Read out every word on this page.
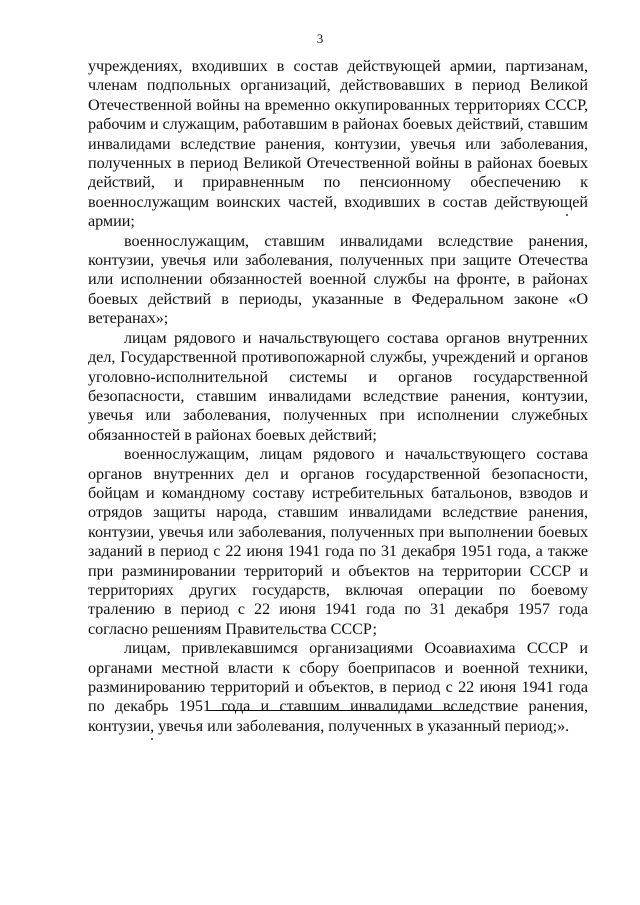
3

учреждениях, входивших в состав действующей армии, партизанам, членам подпольных организаций, действовавших в период Великой Отечественной войны на временно оккупированных территориях СССР, рабочим и служащим, работавшим в районах боевых действий, ставшим инвалидами вследствие ранения, контузии, увечья или заболевания, полученных в период Великой Отечественной войны в районах боевых действий, и приравненным по пенсионному обеспечению к военнослужащим воинских частей, входивших в состав действующей армии;

военнослужащим, ставшим инвалидами вследствие ранения, контузии, увечья или заболевания, полученных при защите Отечества или исполнении обязанностей военной службы на фронте, в районах боевых действий в периоды, указанные в Федеральном законе «О ветеранах»;

лицам рядового и начальствующего состава органов внутренних дел, Государственной противопожарной службы, учреждений и органов уголовно-исполнительной системы и органов государственной безопасности, ставшим инвалидами вследствие ранения, контузии, увечья или заболевания, полученных при исполнении служебных обязанностей в районах боевых действий;

военнослужащим, лицам рядового и начальствующего состава органов внутренних дел и органов государственной безопасности, бойцам и командному составу истребительных батальонов, взводов и отрядов защиты народа, ставшим инвалидами вследствие ранения, контузии, увечья или заболевания, полученных при выполнении боевых заданий в период с 22 июня 1941 года по 31 декабря 1951 года, а также при разминировании территорий и объектов на территории СССР и территориях других государств, включая операции по боевому тралению в период с 22 июня 1941 года по 31 декабря 1957 года согласно решениям Правительства СССР;

лицам, привлекавшимся организациями Осоавиахима СССР и органами местной власти к сбору боеприпасов и военной техники, разминированию территорий и объектов, в период с 22 июня 1941 года по декабрь 1951 года и ставшим инвалидами вследствие ранения, контузии, увечья или заболевания, полученных в указанный период;».
